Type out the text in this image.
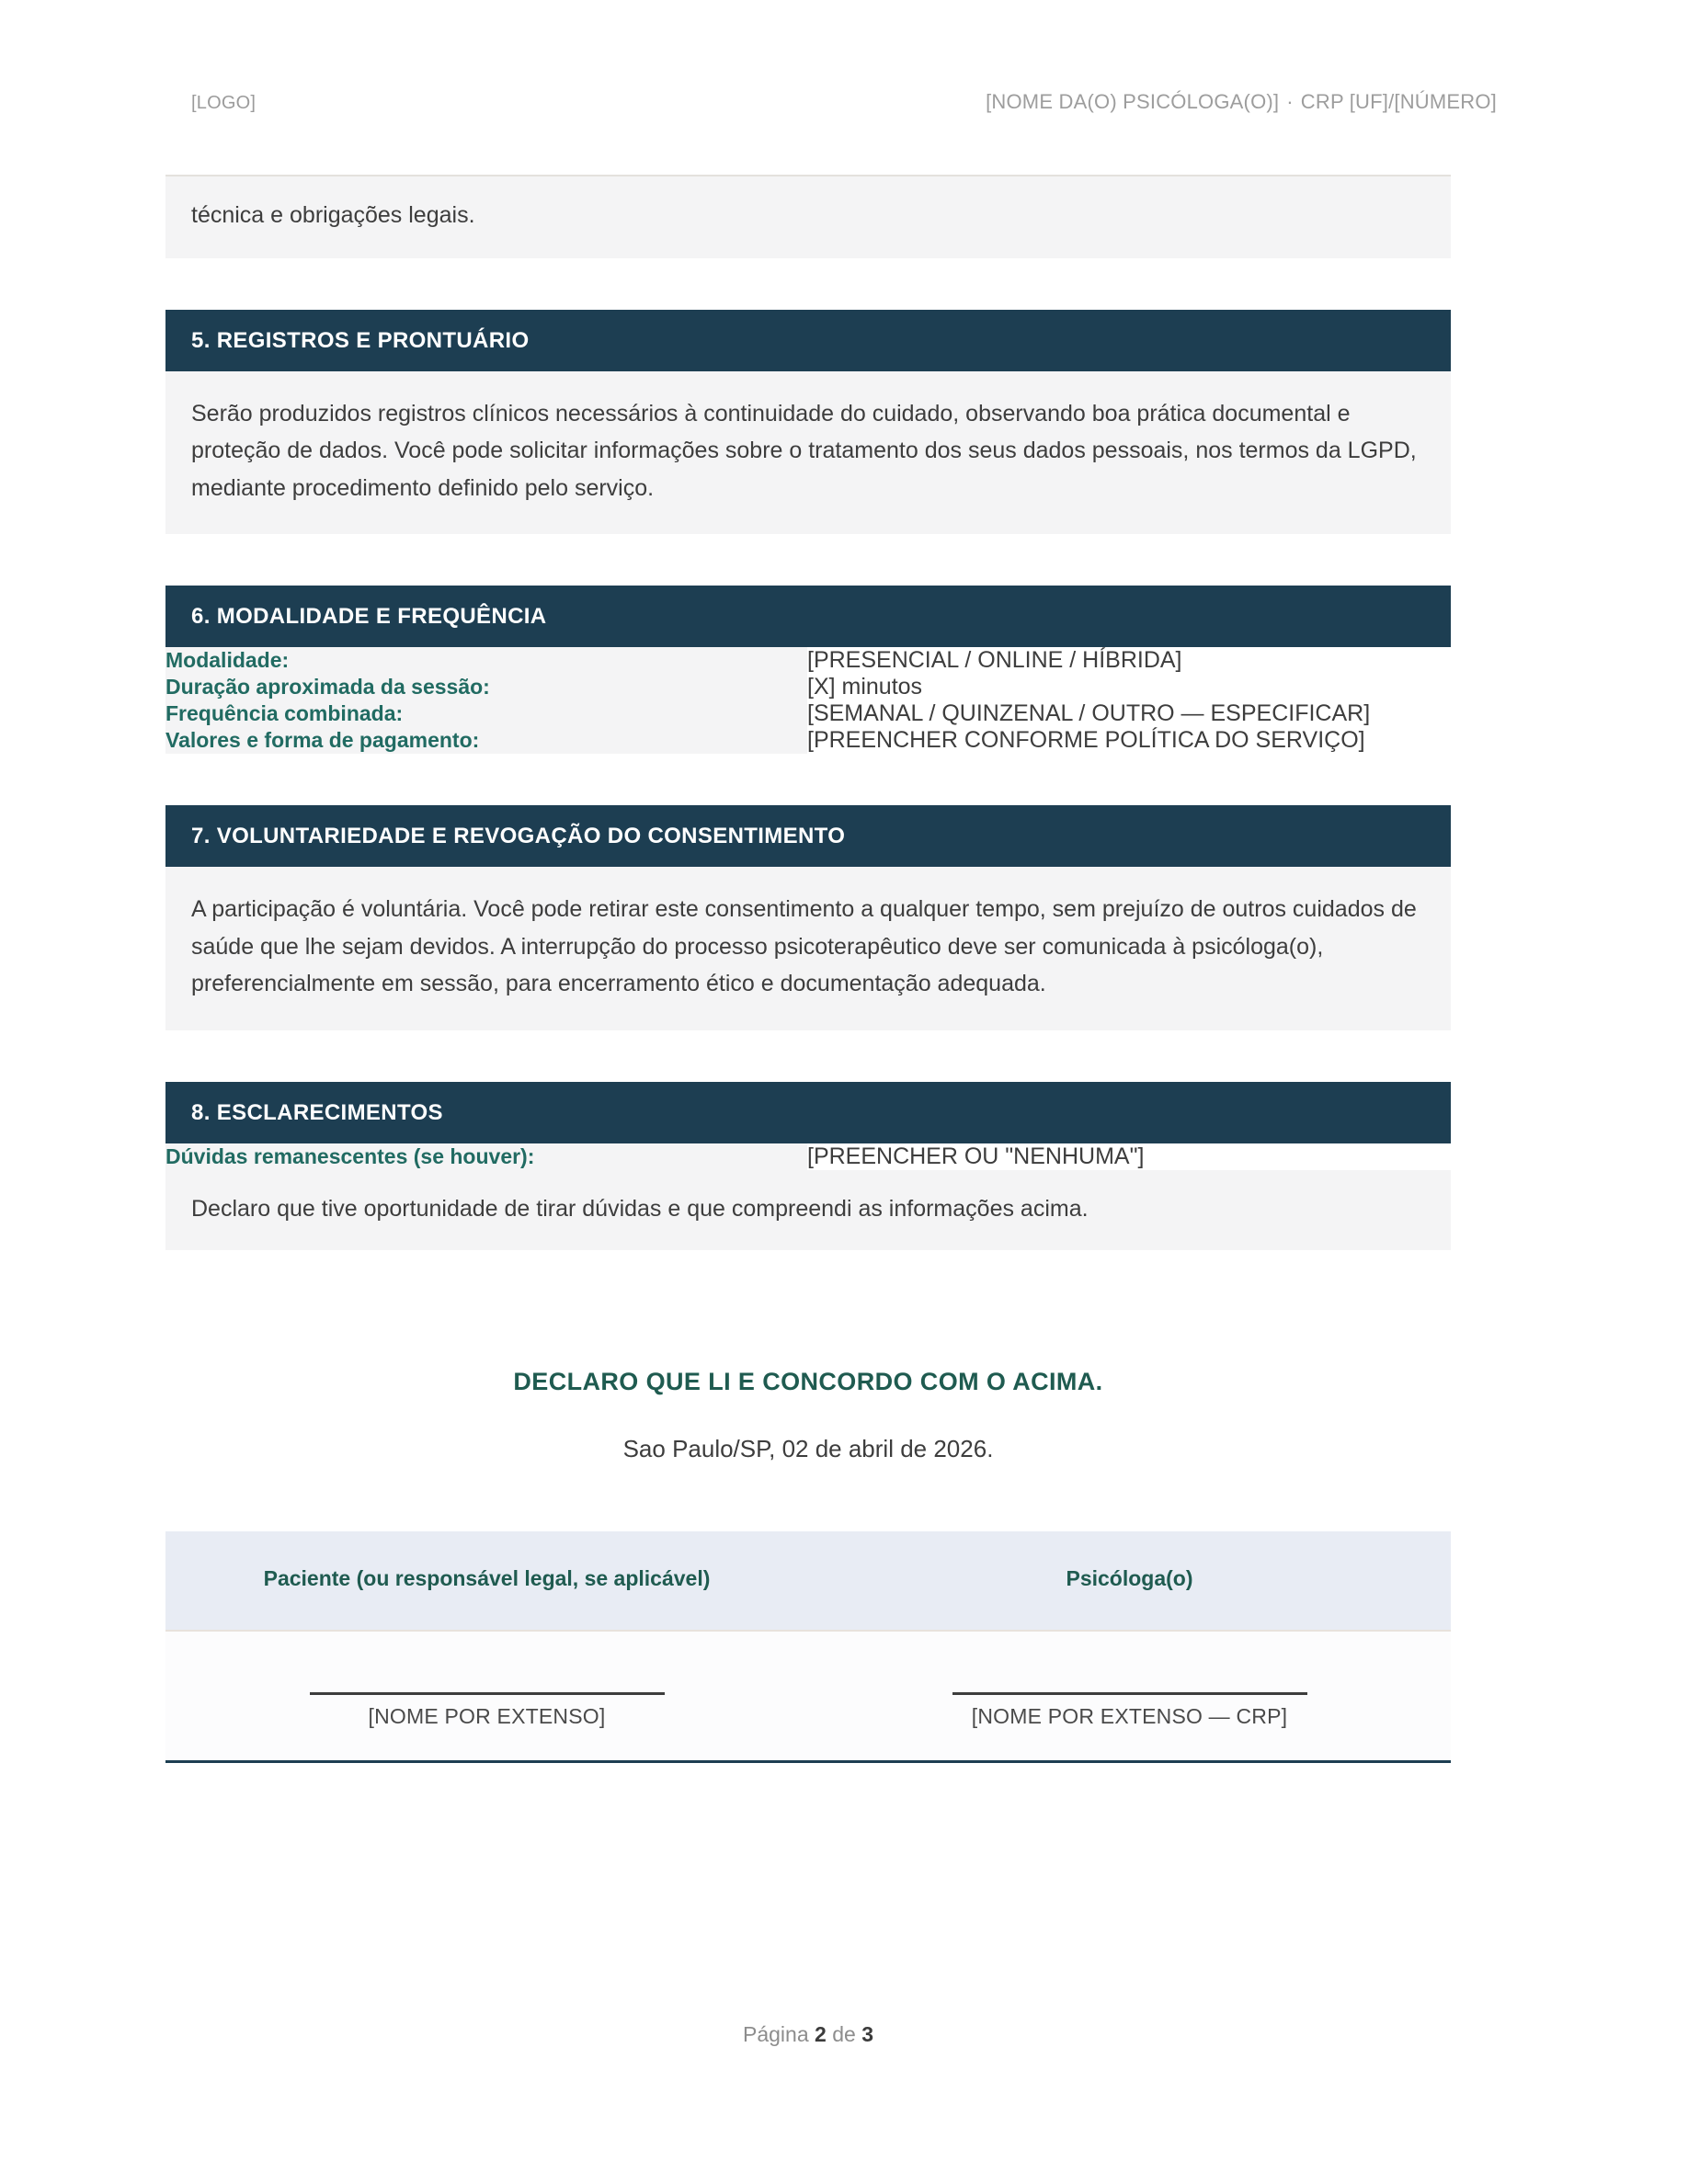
[LOGO]	[NOME DA(O) PSICÓLOGA(O)] · CRP [UF]/[NÚMERO]

técnica e obrigações legais.

5. REGISTROS E PRONTUÁRIO

Serão produzidos registros clínicos necessários à continuidade do cuidado, observando boa prática documental e proteção de dados. Você pode solicitar informações sobre o tratamento dos seus dados pessoais, nos termos da LGPD, mediante procedimento definido pelo serviço.

6. MODALIDADE E FREQUÊNCIA
Modalidade:	[PRESENCIAL / ONLINE / HÍBRIDA]
Duração aproximada da sessão:	[X] minutos
Frequência combinada:	[SEMANAL / QUINZENAL / OUTRO — ESPECIFICAR]
Valores e forma de pagamento:	[PREENCHER CONFORME POLÍTICA DO SERVIÇO]
7. VOLUNTARIEDADE E REVOGAÇÃO DO CONSENTIMENTO

A participação é voluntária. Você pode retirar este consentimento a qualquer tempo, sem prejuízo de outros cuidados de saúde que lhe sejam devidos. A interrupção do processo psicoterapêutico deve ser comunicada à psicóloga(o), preferencialmente em sessão, para encerramento ético e documentação adequada.

8. ESCLARECIMENTOS
Dúvidas remanescentes (se houver):	[PREENCHER OU "NENHUMA"]
Declaro que tive oportunidade de tirar dúvidas e que compreendi as informações acima.
DECLARO QUE LI E CONCORDO COM O ACIMA.
Sao Paulo/SP, 02 de abril de 2026.
Paciente (ou responsável legal, se aplicável)	Psicóloga(o)

[NOME POR EXTENSO]	[NOME POR EXTENSO — CRP]
Página 2 de 3
